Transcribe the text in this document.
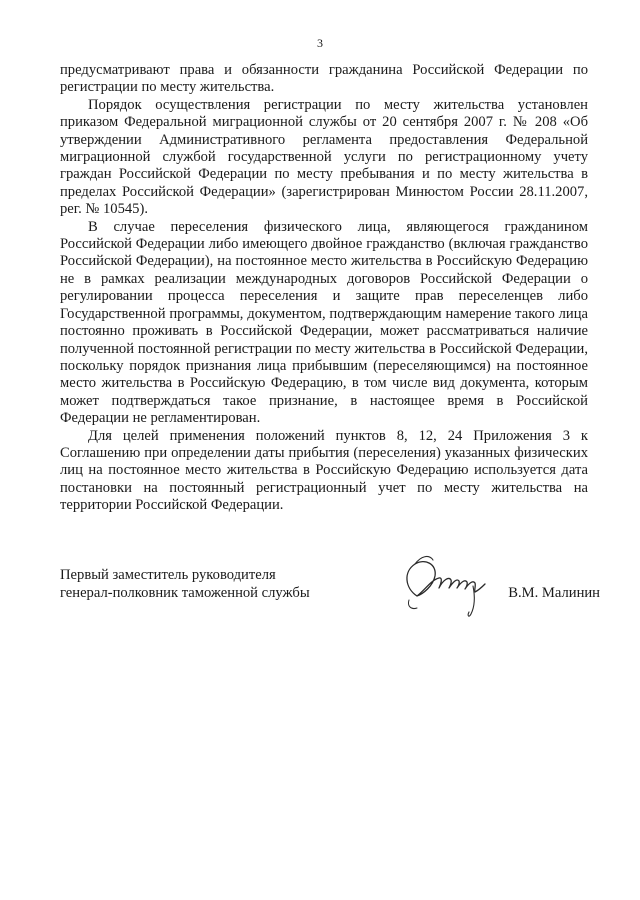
3

предусматривают права и обязанности гражданина Российской Федерации по регистрации по месту жительства.

Порядок осуществления регистрации по месту жительства установлен приказом Федеральной миграционной службы от 20 сентября 2007 г. № 208 «Об утверждении Административного регламента предоставления Федеральной миграционной службой государственной услуги по регистрационному учету граждан Российской Федерации по месту пребывания и по месту жительства в пределах Российской Федерации» (зарегистрирован Минюстом России 28.11.2007, рег. № 10545).

В случае переселения физического лица, являющегося гражданином Российской Федерации либо имеющего двойное гражданство (включая гражданство Российской Федерации), на постоянное место жительства в Российскую Федерацию не в рамках реализации международных договоров Российской Федерации о регулировании процесса переселения и защите прав переселенцев либо Государственной программы, документом, подтверждающим намерение такого лица постоянно проживать в Российской Федерации, может рассматриваться наличие полученной постоянной регистрации по месту жительства в Российской Федерации, поскольку порядок признания лица прибывшим (переселяющимся) на постоянное место жительства в Российскую Федерацию, в том числе вид документа, которым может подтверждаться такое признание, в настоящее время в Российской Федерации не регламентирован.

Для целей применения положений пунктов 8, 12, 24 Приложения 3 к Соглашению при определении даты прибытия (переселения) указанных физических лиц на постоянное место жительства в Российскую Федерацию используется дата постановки на постоянный регистрационный учет по месту жительства на территории Российской Федерации.

Первый заместитель руководителя
генерал-полковник таможенной службы	В.М. Малинин
